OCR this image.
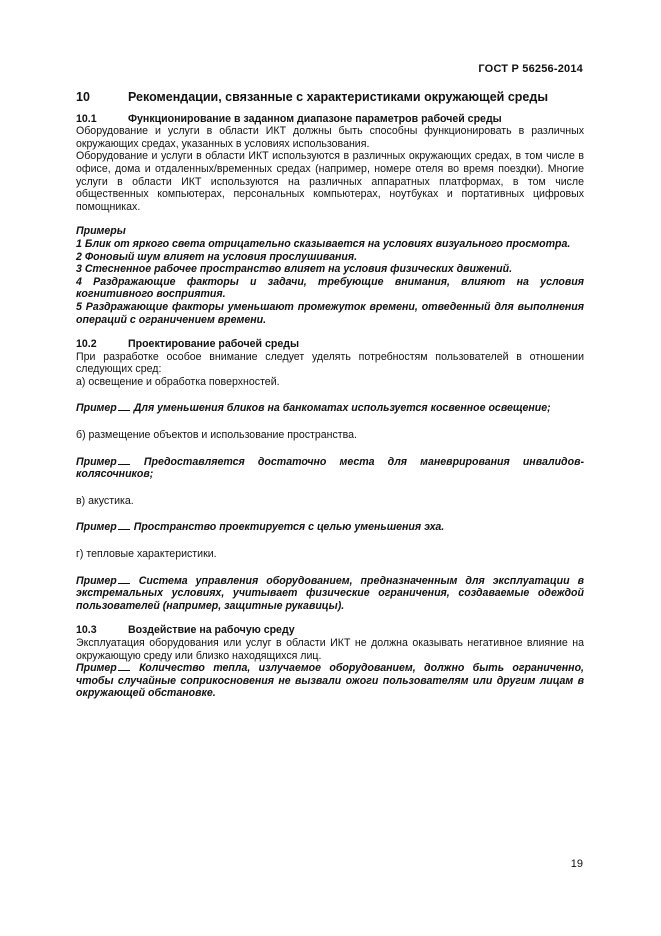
ГОСТ Р 56256-2014
10	Рекомендации, связанные с характеристиками окружающей среды
10.1	Функционирование в заданном диапазоне параметров рабочей среды

Оборудование и услуги в области ИКТ должны быть способны функционировать в различных окружающих средах, указанных в условиях использования.

Оборудование и услуги в области ИКТ используются в различных окружающих средах, в том числе в офисе, дома и отдаленных/временных средах (например, номере отеля во время поездки). Многие услуги в области ИКТ используются на различных аппаратных платформах, в том числе общественных компьютерах, персональных компьютерах, ноутбуках и портативных цифровых помощниках.

Примеры

1 Блик от яркого света отрицательно сказывается на условиях визуального просмотра.

2 Фоновый шум влияет на условия прослушивания.

3 Стесненное рабочее пространство влияет на условия физических движений.

4 Раздражающие факторы и задачи, требующие внимания, влияют на условия когнитивного восприятия.

5 Раздражающие факторы уменьшают промежуток времени, отведенный для выполнения операций с ограничением времени.

10.2	Проектирование рабочей среды

При разработке особое внимание следует уделять потребностям пользователей в отношении следующих сред:

а) освещение и обработка поверхностей.

Пример Для уменьшения бликов на банкоматах используется косвенное освещение;

б) размещение объектов и использование пространства.

Пример	Предоставляется достаточно места для маневрирования инвалидов-колясочников;

в) акустика.

Пример Пространство проектируется с целью уменьшения эха.

г) тепловые характеристики.

Пример Система управления оборудованием, предназначенным для эксплуатации в экстремальных условиях, учитывает физические ограничения, создаваемые одеждой пользователей (например, защитные рукавицы).

10.3	Воздействие на рабочую среду

Эксплуатация оборудования или услуг в области ИКТ не должна оказывать негативное влияние на окружающую среду или близко находящихся лиц.

Пример Количество тепла, излучаемое оборудованием, должно быть ограниченно, чтобы случайные соприкосновения не вызвали ожоги пользователям или другим лицам в окружающей обстановке.

19
